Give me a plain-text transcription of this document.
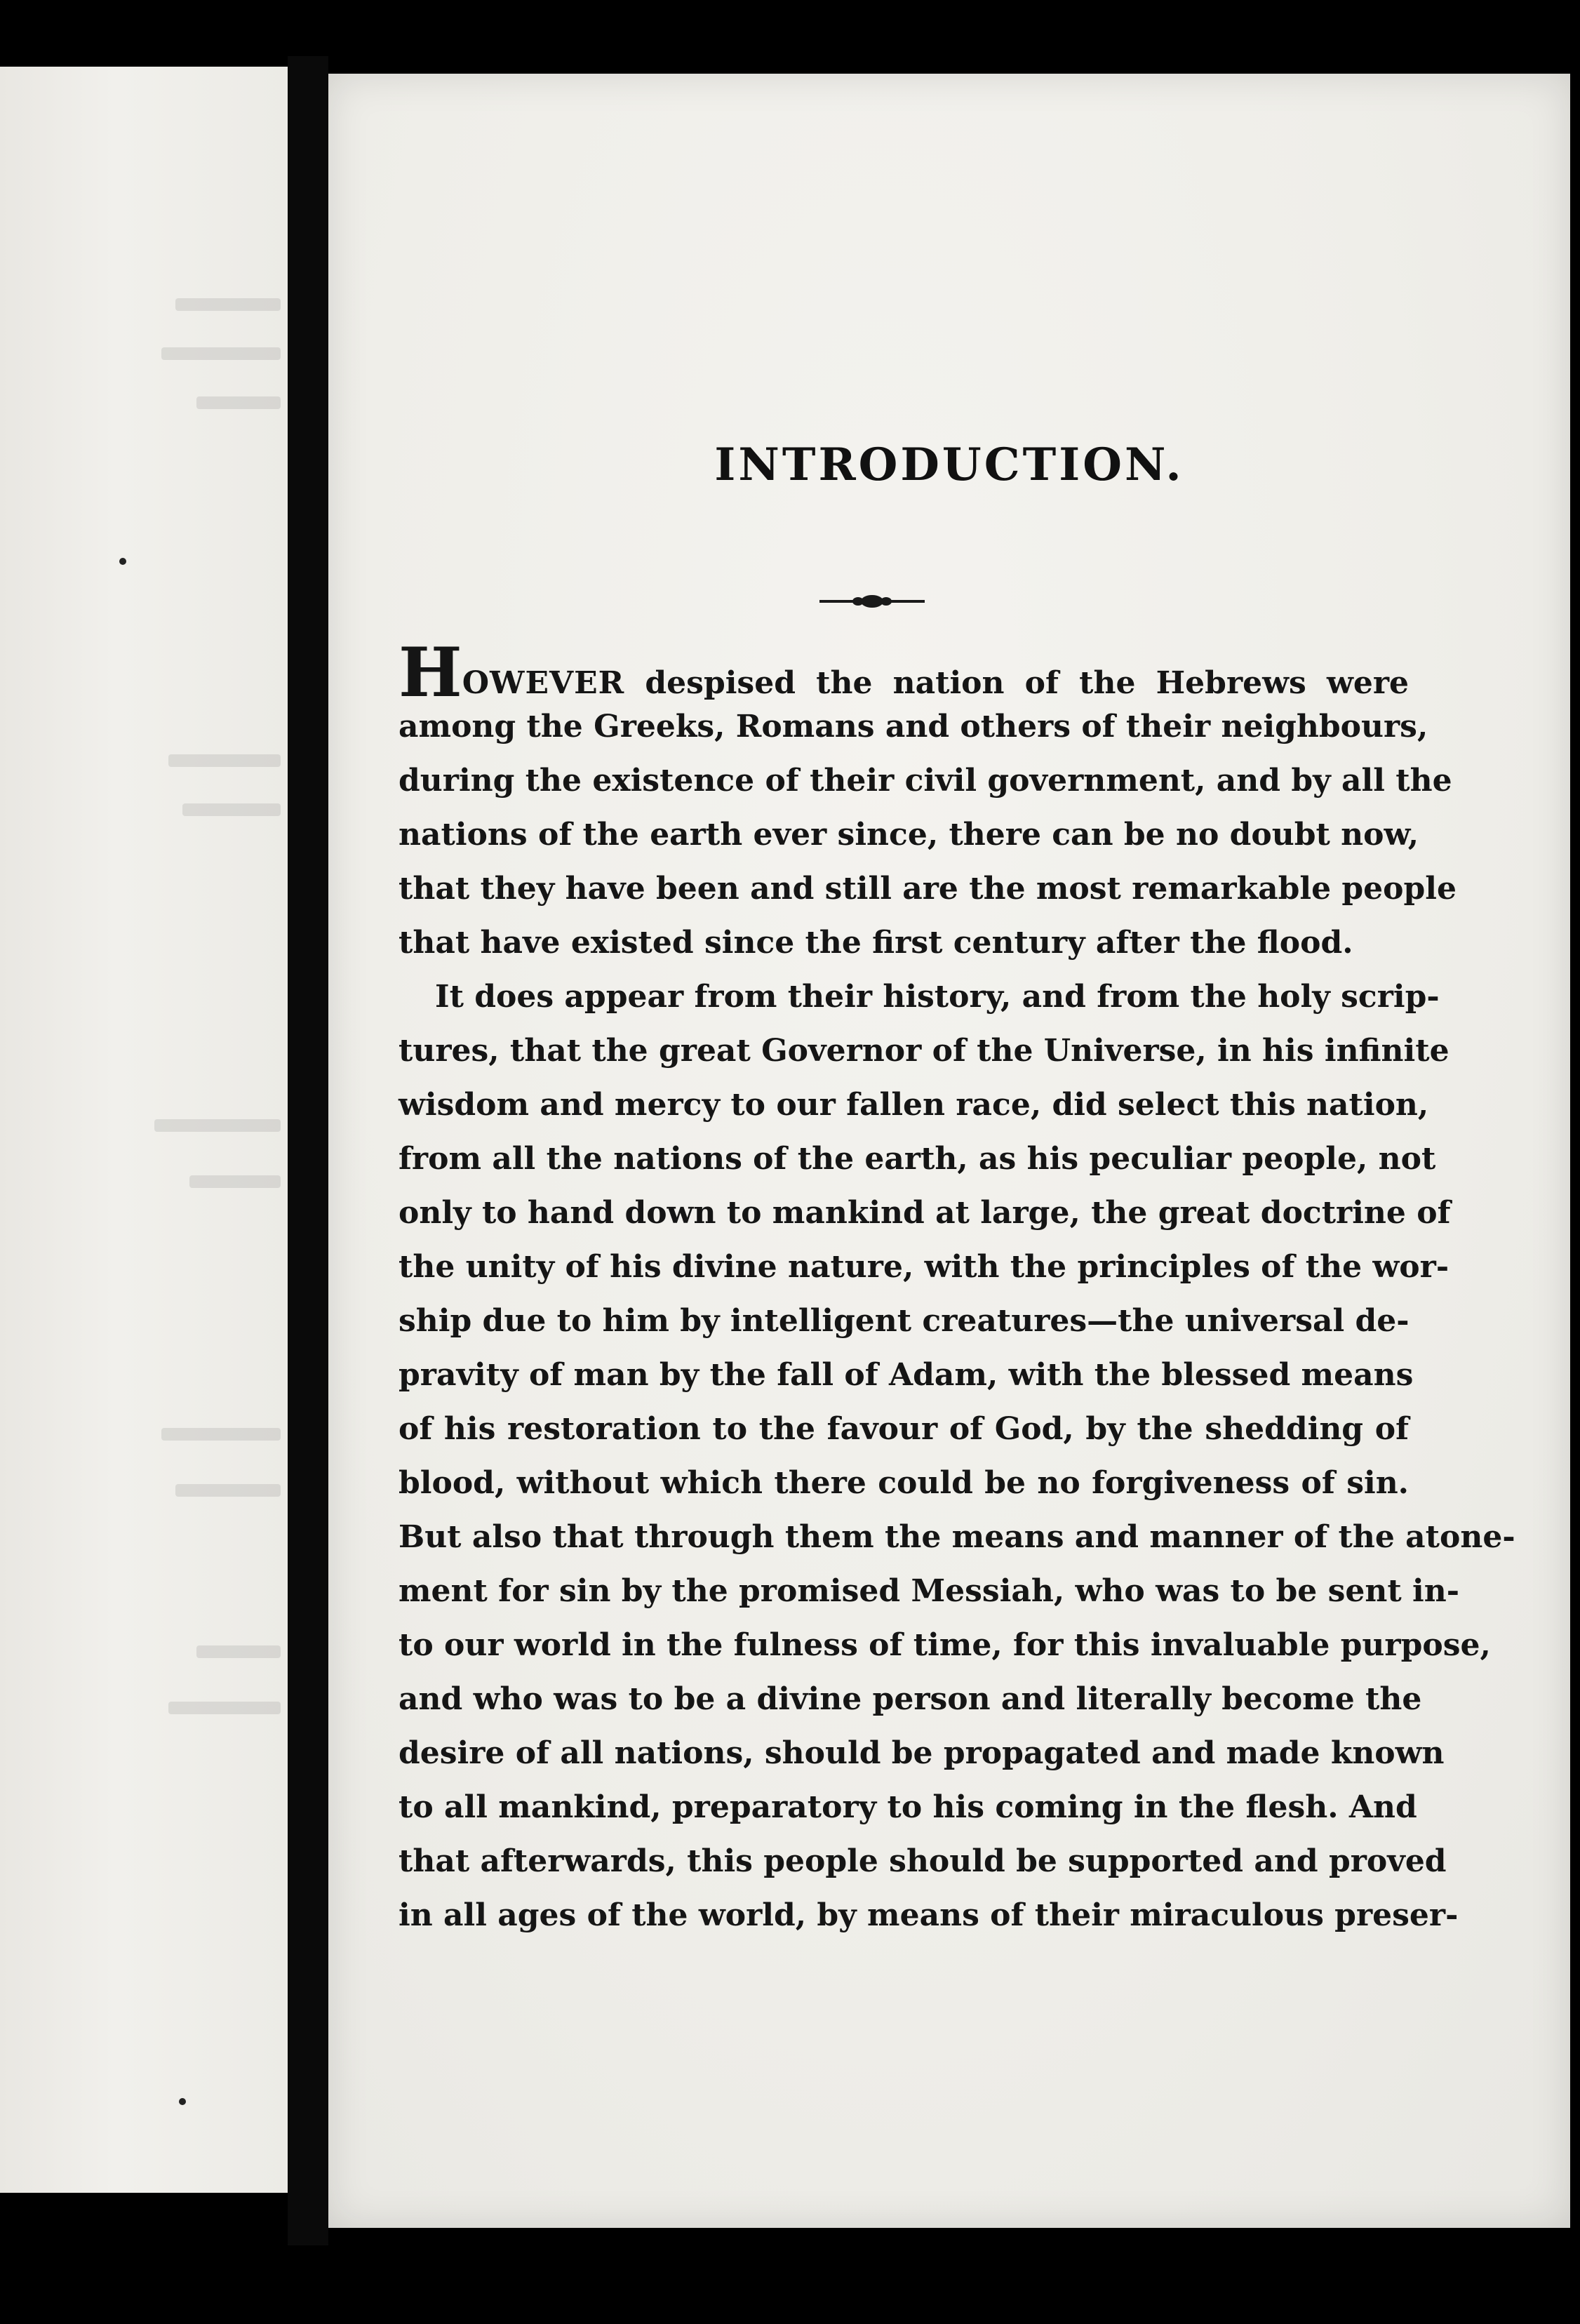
INTRODUCTION.
HOWEVER despised the nation of the Hebrews were
among the Greeks, Romans and others of their neighbours,
during the existence of their civil government, and by all the
nations of the earth ever since, there can be no doubt now,
that they have been and still are the most remarkable people
that have existed since the first century after the flood.
It does appear from their history, and from the holy scrip-
tures, that the great Governor of the Universe, in his infinite
wisdom and mercy to our fallen race, did select this nation,
from all the nations of the earth, as his peculiar people, not
only to hand down to mankind at large, the great doctrine of
the unity of his divine nature, with the principles of the wor-
ship due to him by intelligent creatures—the universal de-
pravity of man by the fall of Adam, with the blessed means
of his restoration to the favour of God, by the shedding of
blood, without which there could be no forgiveness of sin.
But also that through them the means and manner of the atone-
ment for sin by the promised Messiah, who was to be sent in-
to our world in the fulness of time, for this invaluable purpose,
and who was to be a divine person and literally become the
desire of all nations, should be propagated and made known
to all mankind, preparatory to his coming in the flesh. And
that afterwards, this people should be supported and proved
in all ages of the world, by means of their miraculous preser-
